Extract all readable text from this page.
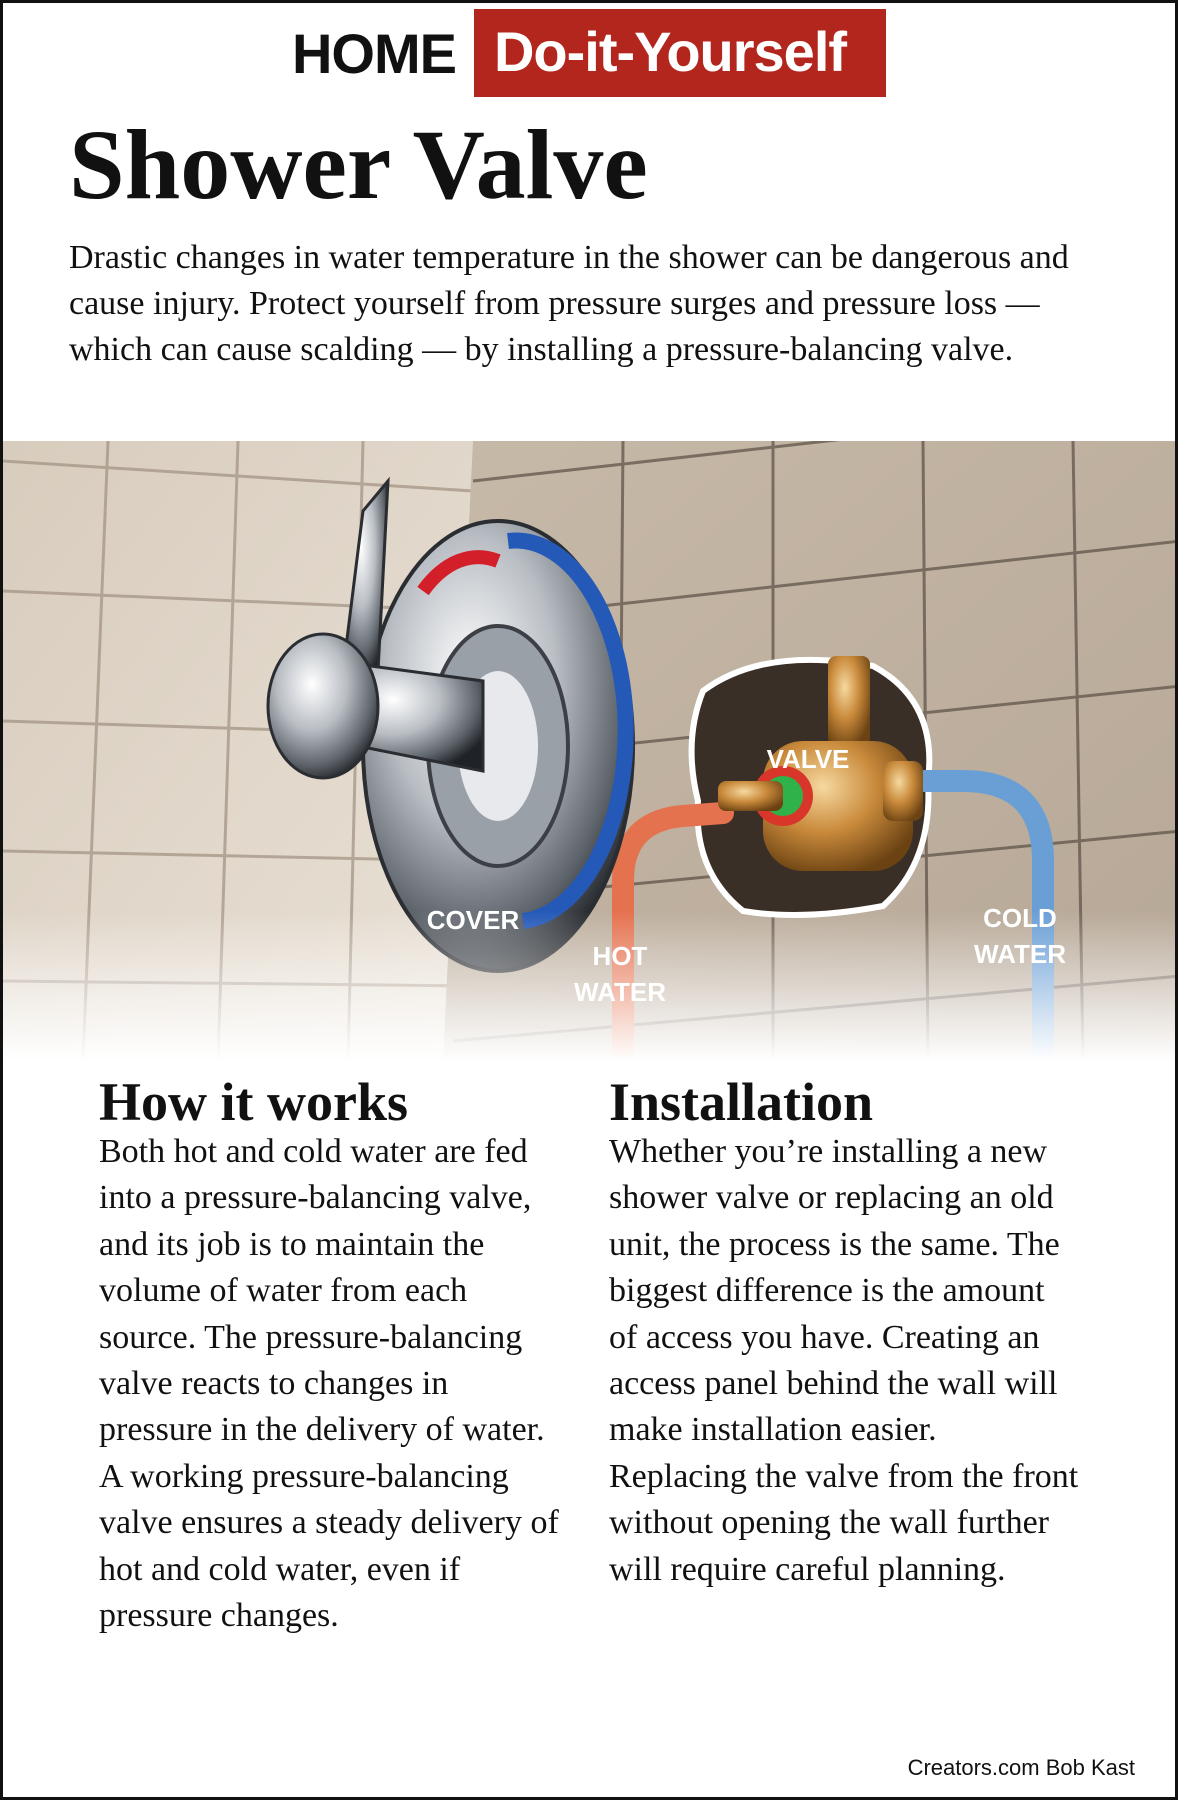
HOME Do-it-Yourself
Shower Valve

Drastic changes in water temperature in the shower can be dangerous and cause injury. Protect yourself from pressure surges and pressure loss — which can cause scalding — by installing a pressure-balancing valve.

COVER
VALVE
HOT
WATER
COLD
WATER
How it works

Both hot and cold water are fed into a pressure-balancing valve, and its job is to maintain the volume of water from each source. The pressure-balancing valve reacts to changes in pressure in the delivery of water. A working pressure-balancing valve ensures a steady delivery of hot and cold water, even if pressure changes.

Installation

Whether you’re installing a new shower valve or replacing an old unit, the process is the same. The biggest difference is the amount of access you have. Creating an access panel behind the wall will make installation easier. Replacing the valve from the front without opening the wall further will require careful planning.

Creators.com Bob Kast
